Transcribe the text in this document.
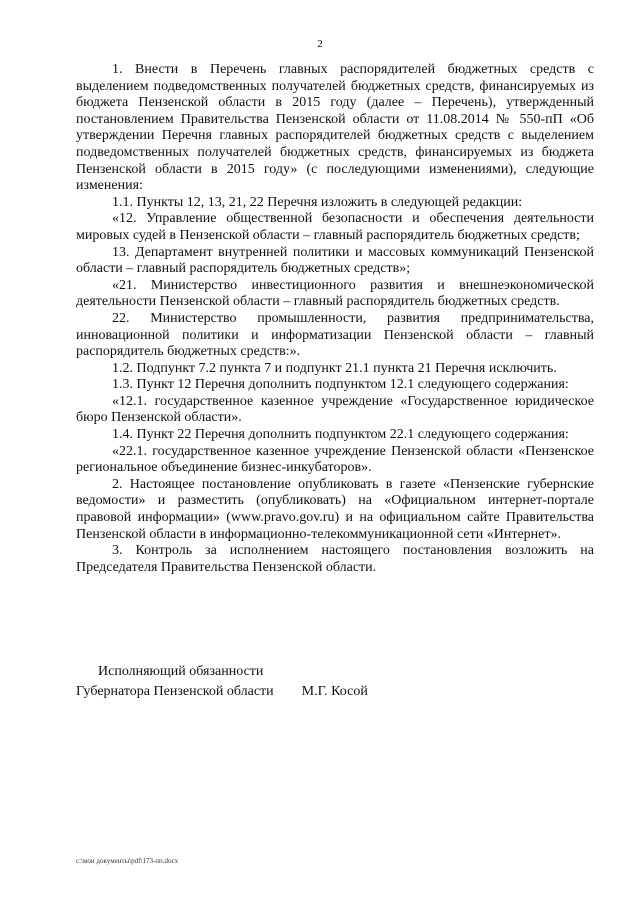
2

1. Внести в Перечень главных распорядителей бюджетных средств с выделением подведомственных получателей бюджетных средств, финансируемых из бюджета Пензенской области в 2015 году (далее – Перечень), утвержденный постановлением Правительства Пензенской области от 11.08.2014 № 550-пП «Об утверждении Перечня главных распорядителей бюджетных средств с выделением подведомственных получателей бюджетных средств, финансируемых из бюджета Пензенской области в 2015 году» (с последующими изменениями), следующие изменения:

1.1. Пункты 12, 13, 21, 22 Перечня изложить в следующей редакции:

«12. Управление общественной безопасности и обеспечения деятельности мировых судей в Пензенской области – главный распорядитель бюджетных средств;

13. Департамент внутренней политики и массовых коммуникаций Пензенской области – главный распорядитель бюджетных средств»;

«21. Министерство инвестиционного развития и внешнеэкономической деятельности Пензенской области – главный распорядитель бюджетных средств.

22. Министерство промышленности, развития предпринимательства, инновационной политики и информатизации Пензенской области – главный распорядитель бюджетных средств:».

1.2. Подпункт 7.2 пункта 7 и подпункт 21.1 пункта 21 Перечня исключить.

1.3. Пункт 12 Перечня дополнить подпунктом 12.1 следующего содержания:

«12.1. государственное казенное учреждение «Государственное юридическое бюро Пензенской области».

1.4. Пункт 22 Перечня дополнить подпунктом 22.1 следующего содержания:

«22.1. государственное казенное учреждение Пензенской области «Пензенское региональное объединение бизнес-инкубаторов».

2. Настоящее постановление опубликовать в газете «Пензенские губернские ведомости» и разместить (опубликовать) на «Официальном интернет-портале правовой информации» (www.pravo.gov.ru) и на официальном сайте Правительства Пензенской области в информационно-телекоммуникационной сети «Интернет».

3. Контроль за исполнением настоящего постановления возложить на Председателя Правительства Пензенской области.

Исполняющий обязанности
Губернатора Пензенской области М.Г. Косой
c:\мои документы\pdf\173-пп.docx
